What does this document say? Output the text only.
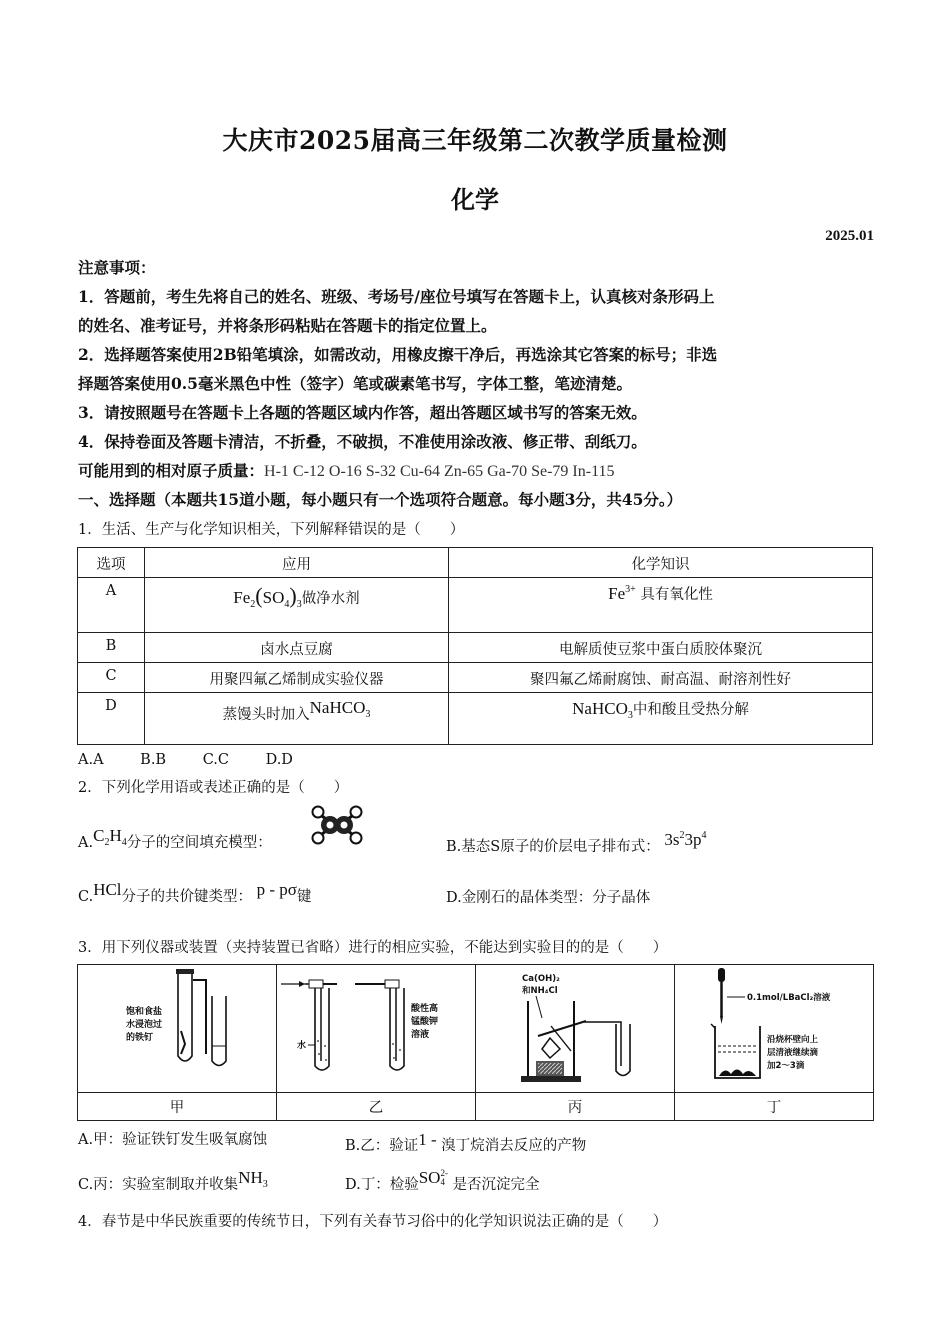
大庆市2025届高三年级第二次教学质量检测
化学
2025.01
注意事项：
1．答题前，考生先将自己的姓名、班级、考场号/座位号填写在答题卡上，认真核对条形码上
的姓名、准考证号，并将条形码粘贴在答题卡的指定位置上。
2．选择题答案使用2B铅笔填涂，如需改动，用橡皮擦干净后，再选涂其它答案的标号；非选
择题答案使用0.5毫米黑色中性（签字）笔或碳素笔书写，字体工整，笔迹清楚。
3．请按照题号在答题卡上各题的答题区域内作答，超出答题区域书写的答案无效。
4．保持卷面及答题卡清洁，不折叠，不破损，不准使用涂改液、修正带、刮纸刀。
可能用到的相对原子质量：H-1 C-12 O-16 S-32 Cu-64 Zn-65 Ga-70 Se-79 In-115
一、选择题（本题共15道小题，每小题只有一个选项符合题意。每小题3分，共45分。）
1．生活、生产与化学知识相关，下列解释错误的是（　　）
选项	应用	化学知识
A	$Fe_2(SO_4)_3$做净水剂	$Fe^{3+}$ 具有氧化性
B	卤水点豆腐	电解质使豆浆中蛋白质胶体聚沉
C	用聚四氟乙烯制成实验仪器	聚四氟乙烯耐腐蚀、耐高温、耐溶剂性好
D	蒸馒头时加入NaHCO$_3$	NaHCO$_3$中和酸且受热分解
A.A	B.B	C.C	D.D
2．下列化学用语或表述正确的是（　　）
$A.C_2H_4$分子的空间填充模型：	B.基态S原子的价层电子排布式： $3s^23p^4$
C.HCl分子的共价键类型： p - pσ键	D.金刚石的晶体类型：分子晶体
3．用下列仪器或装置（夹持装置已省略）进行的相应实验，不能达到实验目的的是（　　）
饱和食盐
水浸泡过
的铁钉	水
酸性高
锰酸钾
溶液	Ca(OH)₂
和NH₄Cl	0.1mol/LBaCl₂溶液
沿烧杯壁向上
层清液继续滴
加2～3滴

甲	乙	丙	丁
A.甲：验证铁钉发生吸氧腐蚀	B.乙：验证1 - 溴丁烷消去反应的产物
C.丙：实验室制取并收集$NH_3$	D.丁：检验SO2-
4 是否沉淀完全
4．春节是中华民族重要的传统节日，下列有关春节习俗中的化学知识说法正确的是（　　）
